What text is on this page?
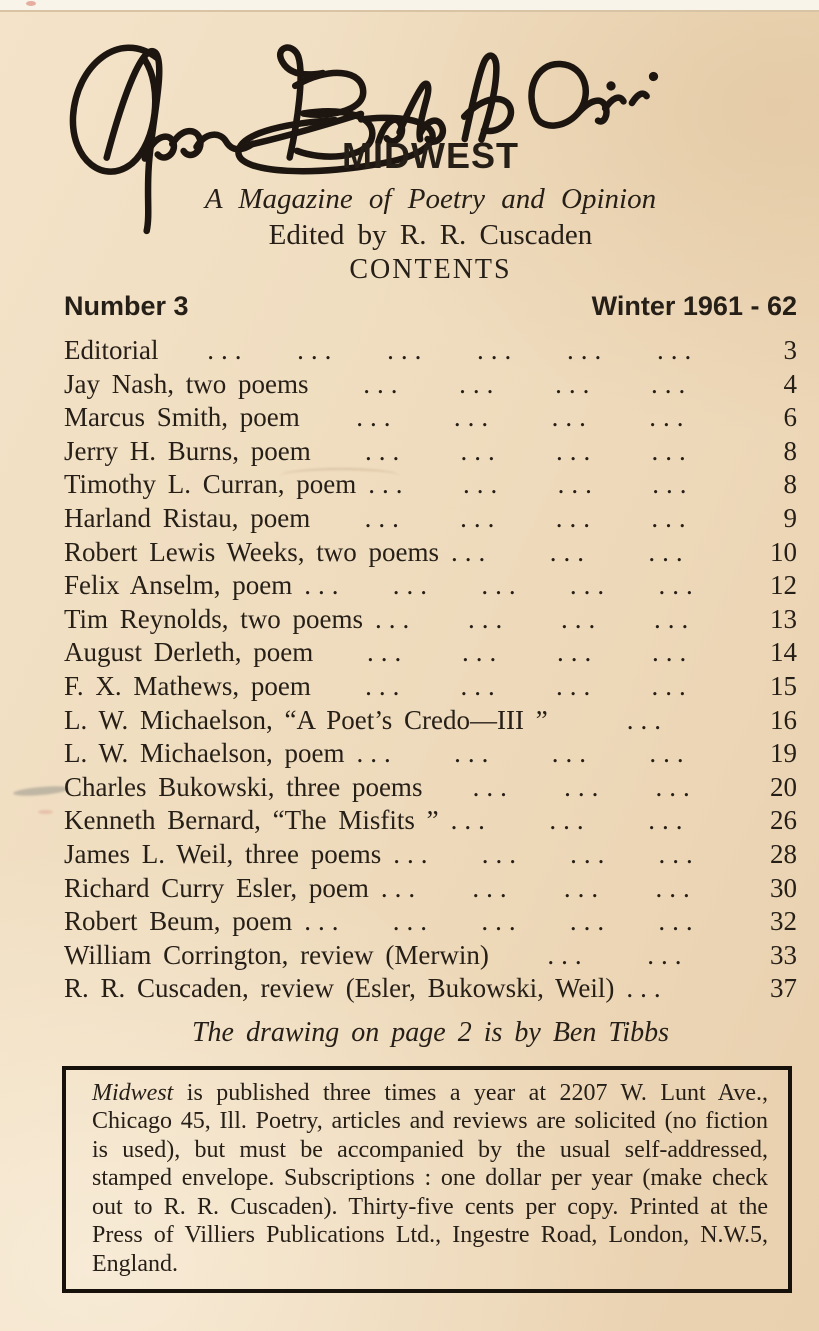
MIDWEST
A Magazine of Poetry and Opinion
Edited by R. R. Cuscaden
CONTENTS
Number 3	Winter 1961 - 62
Editorial ... ... ... ... ... ...	3
Jay Nash, two poems ... ... ... ...	4
Marcus Smith, poem ... ... ... ...	6
Jerry H. Burns, poem ... ... ... ...	8
Timothy L. Curran, poem ... ... ... ...	8
Harland Ristau, poem ... ... ... ...	9
Robert Lewis Weeks, two poems ... ... ...	10
Felix Anselm, poem ... ... ... ... ...	12
Tim Reynolds, two poems ... ... ... ...	13
August Derleth, poem ... ... ... ...	14
F. X. Mathews, poem ... ... ... ...	15
L. W. Michaelson, “A Poet’s Credo—III ”	...	16
L. W. Michaelson, poem ... ... ... ...	19
Charles Bukowski, three poems ... ... ...	20
Kenneth Bernard, “The Misfits ” ... ... ...	26
James L. Weil, three poems ... ... ... ...	28
Richard Curry Esler, poem ... ... ... ...	30
Robert Beum, poem ... ... ... ... ...	32
William Corrington, review (Merwin) ... ...	33
R. R. Cuscaden, review (Esler, Bukowski, Weil) ...	37
The drawing on page 2 is by Ben Tibbs
Midwest is published three times a year at 2207 W. Lunt Ave., Chicago 45, Ill. Poetry, articles and reviews are solicited (no fiction is used), but must be accompanied by the usual self-addressed, stamped envelope. Subscriptions : one dollar per year (make check out to R. R. Cuscaden). Thirty-five cents per copy. Printed at the Press of Villiers Publications Ltd., Ingestre Road, London, N.W.5, England.
